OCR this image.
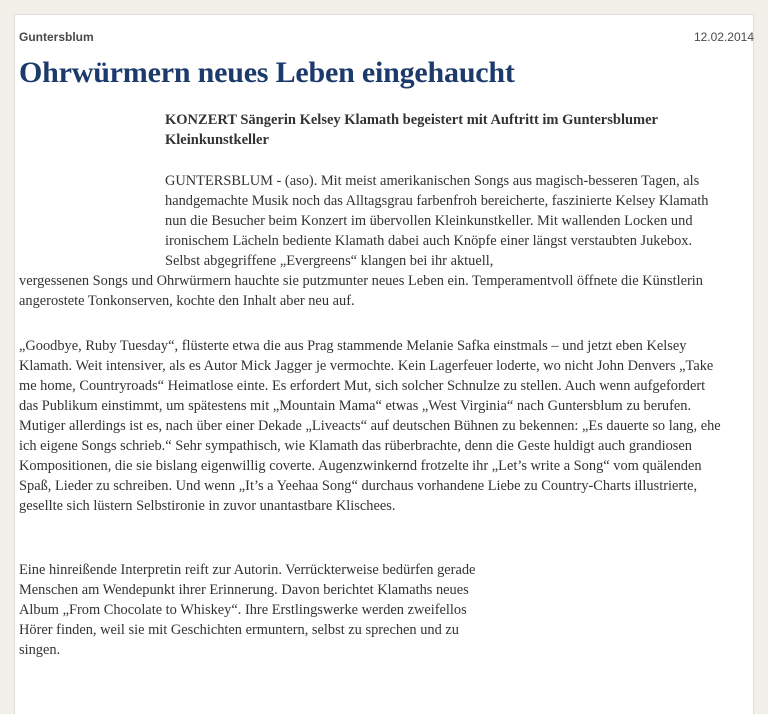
Guntersblum	12.02.2014
Ohrwürmern neues Leben eingehaucht

KONZERT Sängerin Kelsey Klamath begeistert mit Auftritt im Guntersblumer Kleinkunstkeller

GUNTERSBLUM - (aso). Mit meist amerikanischen Songs aus magisch-besseren Tagen, als handgemachte Musik noch das Alltagsgrau farbenfroh bereicherte, faszinierte Kelsey Klamath nun die Besucher beim Konzert im übervollen Kleinkunstkeller. Mit wallenden Locken und ironischem Lächeln bediente Klamath dabei auch Knöpfe einer längst verstaubten Jukebox. Selbst abgegriffene „Evergreens“ klangen bei ihr aktuell,
vergessenen Songs und Ohrwürmern hauchte sie putzmunter neues Leben ein. Temperamentvoll öffnete die Künstlerin angerostete Tonkonserven, kochte den Inhalt aber neu auf.

„Goodbye, Ruby Tuesday“, flüsterte etwa die aus Prag stammende Melanie Safka einstmals – und jetzt eben Kelsey Klamath. Weit intensiver, als es Autor Mick Jagger je vermochte. Kein Lagerfeuer loderte, wo nicht John Denvers „Take me home, Countryroads“ Heimatlose einte. Es erfordert Mut, sich solcher Schnulze zu stellen. Auch wenn aufgefordert das Publikum einstimmt, um spätestens mit „Mountain Mama“ etwas „West Virginia“ nach Guntersblum zu berufen. Mutiger allerdings ist es, nach über einer Dekade „Liveacts“ auf deutschen Bühnen zu bekennen: „Es dauerte so lang, ehe ich eigene Songs schrieb.“ Sehr sympathisch, wie Klamath das rüberbrachte, denn die Geste huldigt auch grandiosen Kompositionen, die sie bislang eigenwillig coverte. Augenzwinkernd frotzelte ihr „Let’s write a Song“ vom quälenden Spaß, Lieder zu schreiben. Und wenn „It’s a Yeehaa Song“ durchaus vorhandene Liebe zu Country-Charts illustrierte, gesellte sich lüstern Selbstironie in zuvor unantastbare Klischees.

Eine hinreißende Interpretin reift zur Autorin. Verrückterweise bedürfen gerade Menschen am Wendepunkt ihrer Erinnerung. Davon berichtet Klamaths neues Album „From Chocolate to Whiskey“. Ihre Erstlingswerke werden zweifellos Hörer finden, weil sie mit Geschichten ermuntern, selbst zu sprechen und zu singen.
